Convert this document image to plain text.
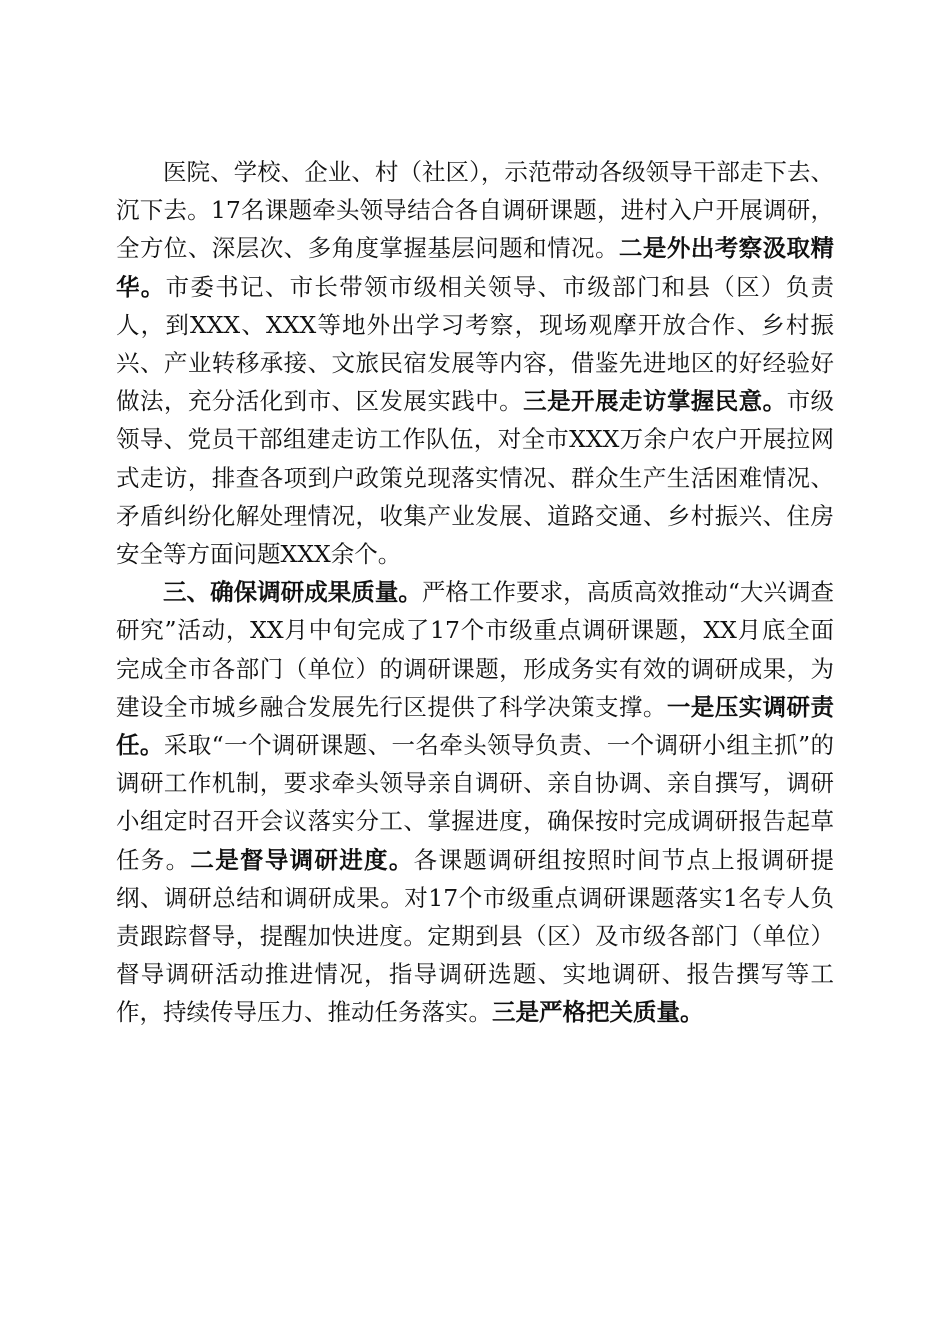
医院、学校、企业、村（社区），示范带动各级领导干部走下去、沉下去。17名课题牵头领导结合各自调研课题，进村入户开展调研，全方位、深层次、多角度掌握基层问题和情况。二是外出考察汲取精华。市委书记、市长带领市级相关领导、市级部门和县（区）负责人，到XXX、XXX等地外出学习考察，现场观摩开放合作、乡村振兴、产业转移承接、文旅民宿发展等内容，借鉴先进地区的好经验好做法，充分活化到市、区发展实践中。三是开展走访掌握民意。市级领导、党员干部组建走访工作队伍，对全市XXX万余户农户开展拉网式走访，排查各项到户政策兑现落实情况、群众生产生活困难情况、矛盾纠纷化解处理情况，收集产业发展、道路交通、乡村振兴、住房安全等方面问题XXX余个。

三、确保调研成果质量。严格工作要求，高质高效推动“大兴调查研究”活动，XX月中旬完成了17个市级重点调研课题，XX月底全面完成全市各部门（单位）的调研课题，形成务实有效的调研成果，为建设全市城乡融合发展先行区提供了科学决策支撑。一是压实调研责任。采取“一个调研课题、一名牵头领导负责、一个调研小组主抓”的调研工作机制，要求牵头领导亲自调研、亲自协调、亲自撰写，调研小组定时召开会议落实分工、掌握进度，确保按时完成调研报告起草任务。二是督导调研进度。各课题调研组按照时间节点上报调研提纲、调研总结和调研成果。对17个市级重点调研课题落实1名专人负责跟踪督导，提醒加快进度。定期到县（区）及市级各部门（单位）督导调研活动推进情况，指导调研选题、实地调研、报告撰写等工作，持续传导压力、推动任务落实。三是严格把关质量。
